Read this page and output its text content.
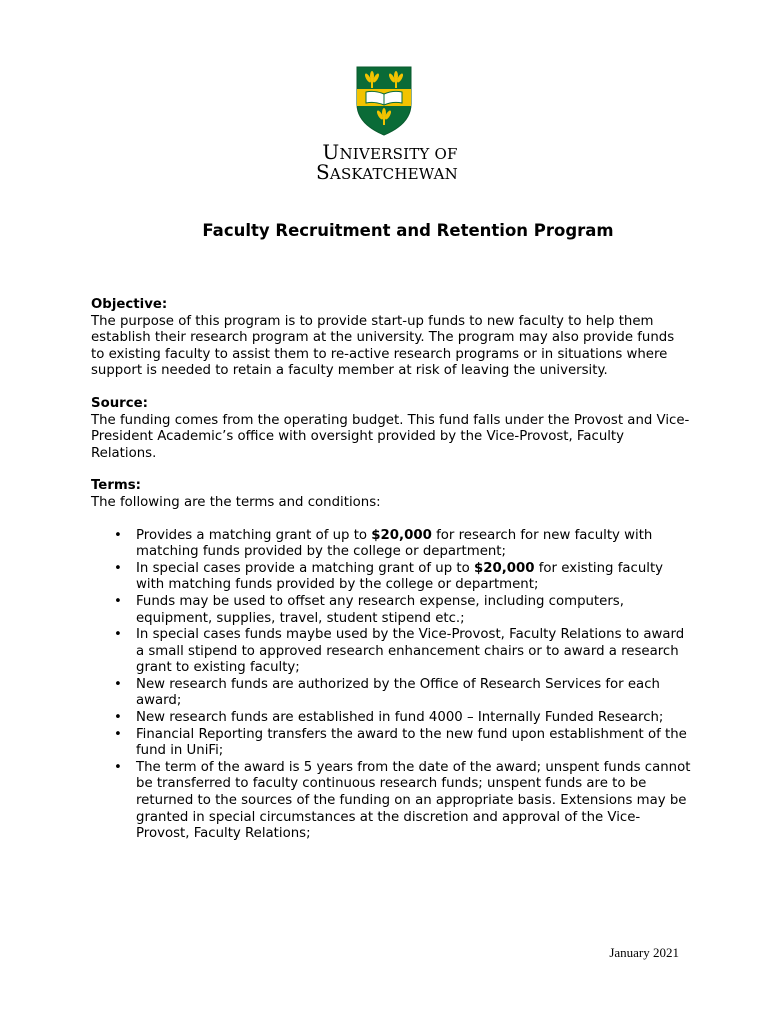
UNIVERSITY OF
SASKATCHEWAN
Faculty Recruitment and Retention Program
Objective:

The purpose of this program is to provide start-up funds to new faculty to help them establish their research program at the university. The program may also provide funds to existing faculty to assist them to re-active research programs or in situations where support is needed to retain a faculty member at risk of leaving the university.

Source:

The funding comes from the operating budget. This fund falls under the Provost and Vice-President Academic’s office with oversight provided by the Vice-Provost, Faculty Relations.

Terms:

The following are the terms and conditions:

• Provides a matching grant of up to $20,000 for research for new faculty with matching funds provided by the college or department;
• In special cases provide a matching grant of up to $20,000 for existing faculty with matching funds provided by the college or department;
• Funds may be used to offset any research expense, including computers, equipment, supplies, travel, student stipend etc.;
• In special cases funds maybe used by the Vice-Provost, Faculty Relations to award a small stipend to approved research enhancement chairs or to award a research grant to existing faculty;
• New research funds are authorized by the Office of Research Services for each award;
• New research funds are established in fund 4000 – Internally Funded Research;
• Financial Reporting transfers the award to the new fund upon establishment of the fund in UniFi;
• The term of the award is 5 years from the date of the award; unspent funds cannot be transferred to faculty continuous research funds; unspent funds are to be returned to the sources of the funding on an appropriate basis. Extensions may be granted in special circumstances at the discretion and approval of the Vice-Provost, Faculty Relations;
January 2021
